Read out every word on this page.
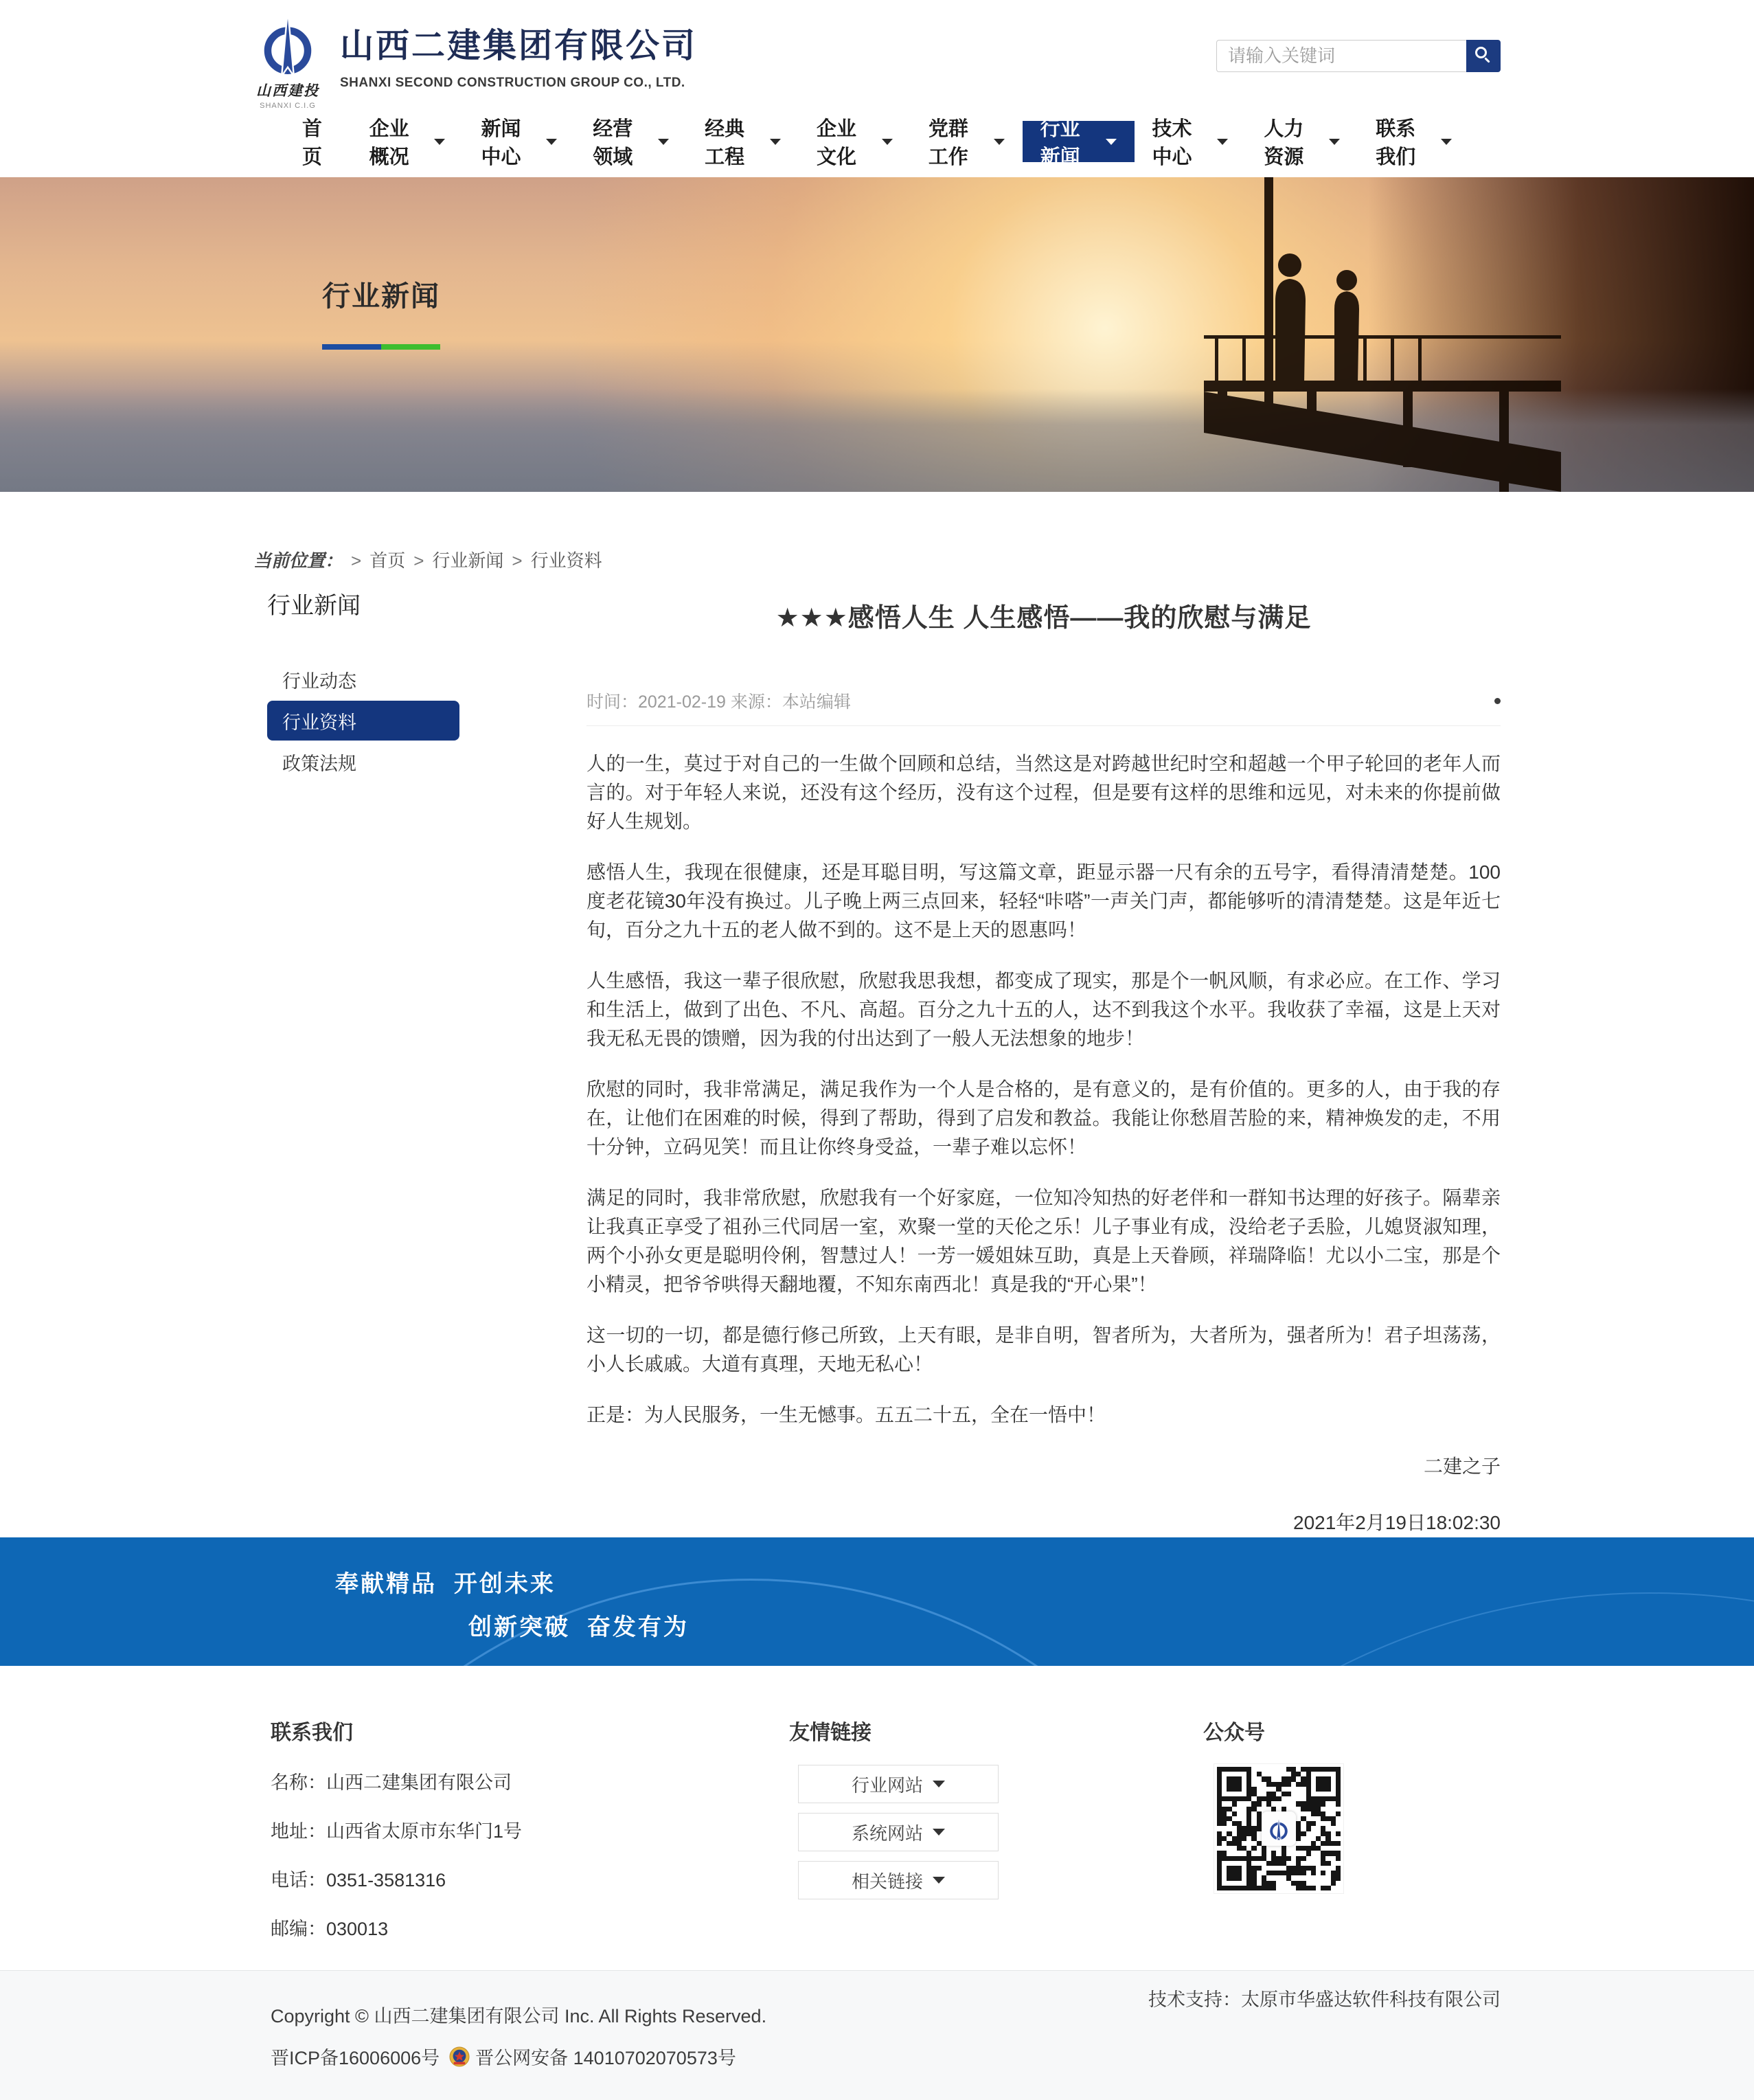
山西建投
SHANXI C.I.G
山西二建集团有限公司
SHANXI SECOND CONSTRUCTION GROUP CO., LTD.
请输入关键词
首页
企业概况
新闻中心
经营领域
经典工程
企业文化
党群工作
行业新闻
技术中心
人力资源
联系我们
行业新闻
当前位置： > 首页 > 行业新闻 > 行业资料
行业新闻
行业动态
行业资料
政策法规
★★★感悟人生 人生感悟——我的欣慰与满足
时间：2021-02-19 来源：本站编辑

人的一生，莫过于对自己的一生做个回顾和总结，当然这是对跨越世纪时空和超越一个甲子轮回的老年人而言的。对于年轻人来说，还没有这个经历，没有这个过程，但是要有这样的思维和远见，对未来的你提前做好人生规划。

感悟人生，我现在很健康，还是耳聪目明，写这篇文章，距显示器一尺有余的五号字，看得清清楚楚。100度老花镜30年没有换过。儿子晚上两三点回来，轻轻“咔嗒”一声关门声，都能够听的清清楚楚。这是年近七旬，百分之九十五的老人做不到的。这不是上天的恩惠吗！

人生感悟，我这一辈子很欣慰，欣慰我思我想，都变成了现实，那是个一帆风顺，有求必应。在工作、学习和生活上，做到了出色、不凡、高超。百分之九十五的人，达不到我这个水平。我收获了幸福，这是上天对我无私无畏的馈赠，因为我的付出达到了一般人无法想象的地步！

欣慰的同时，我非常满足，满足我作为一个人是合格的，是有意义的，是有价值的。更多的人，由于我的存在，让他们在困难的时候，得到了帮助，得到了启发和教益。我能让你愁眉苦脸的来，精神焕发的走，不用十分钟，立码见笑！而且让你终身受益，一辈子难以忘怀！

满足的同时，我非常欣慰，欣慰我有一个好家庭，一位知冷知热的好老伴和一群知书达理的好孩子。隔辈亲让我真正享受了祖孙三代同居一室，欢聚一堂的天伦之乐！儿子事业有成，没给老子丢脸，儿媳贤淑知理，两个小孙女更是聪明伶俐，智慧过人！一芳一媛姐妹互助，真是上天眷顾，祥瑞降临！尤以小二宝，那是个小精灵，把爷爷哄得天翻地覆，不知东南西北！真是我的“开心果”！

这一切的一切，都是德行修己所致，上天有眼，是非自明，智者所为，大者所为，强者所为！君子坦荡荡，小人长戚戚。大道有真理，天地无私心！

正是：为人民服务，一生无憾事。五五二十五，全在一悟中！

二建之子
2021年2月19日18:02:30
奉献精品  开创未来
创新突破  奋发有为
联系我们
名称：山西二建集团有限公司
地址：山西省太原市东华门1号
电话：0351-3581316
邮编：030013
友情链接
行业网站
系统网站
相关链接
公众号
Copyright © 山西二建集团有限公司 Inc. All Rights Reserved.
晋ICP备16006006号 晋公网安备 14010702070573号
技术支持：太原市华盛达软件科技有限公司
